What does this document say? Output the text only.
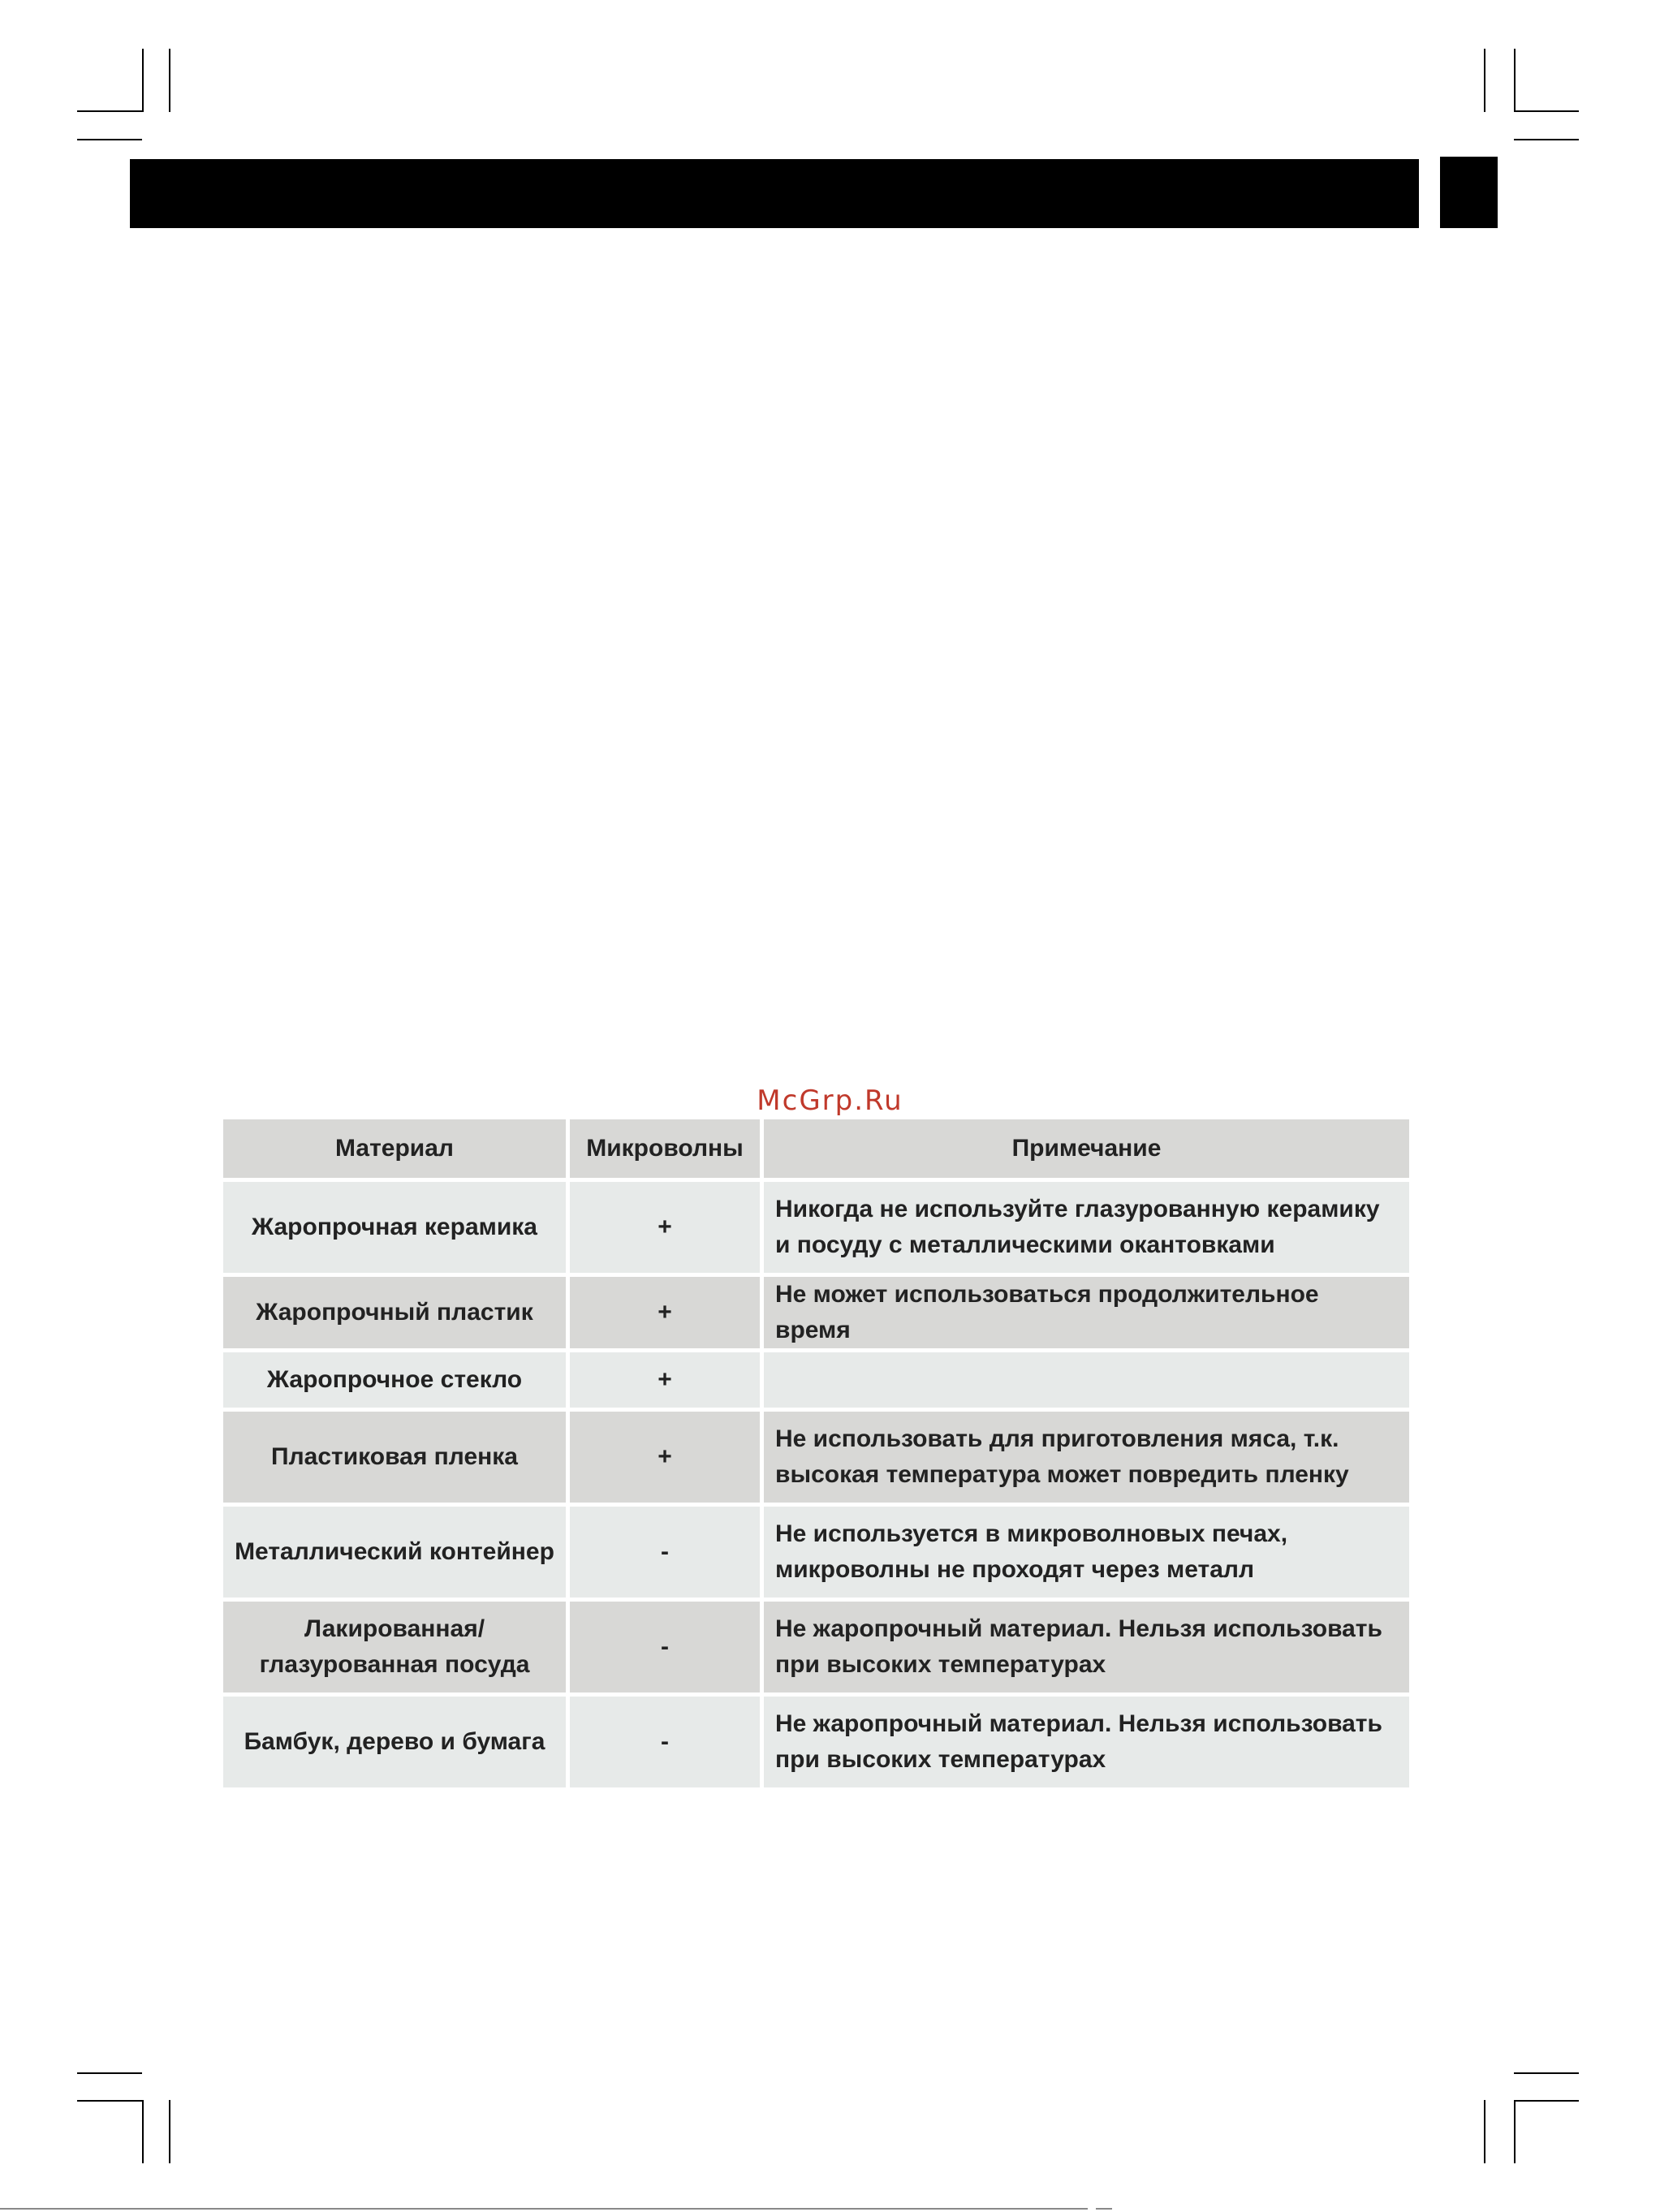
McGrp.Ru
Материал	Микроволны	Примечание
Жаропрочная керамика	+	Никогда не используйте глазурованную керамику и посуду с металлическими окантовками
Жаропрочный пластик	+	Не может использоваться продолжительное время
Жаропрочное стекло	+	
Пластиковая пленка	+	Не использовать для приготовления мяса, т.к. высокая температура может повредить пленку
Металлический контейнер	-	Не используется в микроволновых печах, микроволны не проходят через металл
Лакированная/ глазурованная посуда	-	Не жаропрочный материал. Нельзя использовать при высоких температурах
Бамбук, дерево и бумага	-	Не жаропрочный материал. Нельзя использовать при высоких температурах
